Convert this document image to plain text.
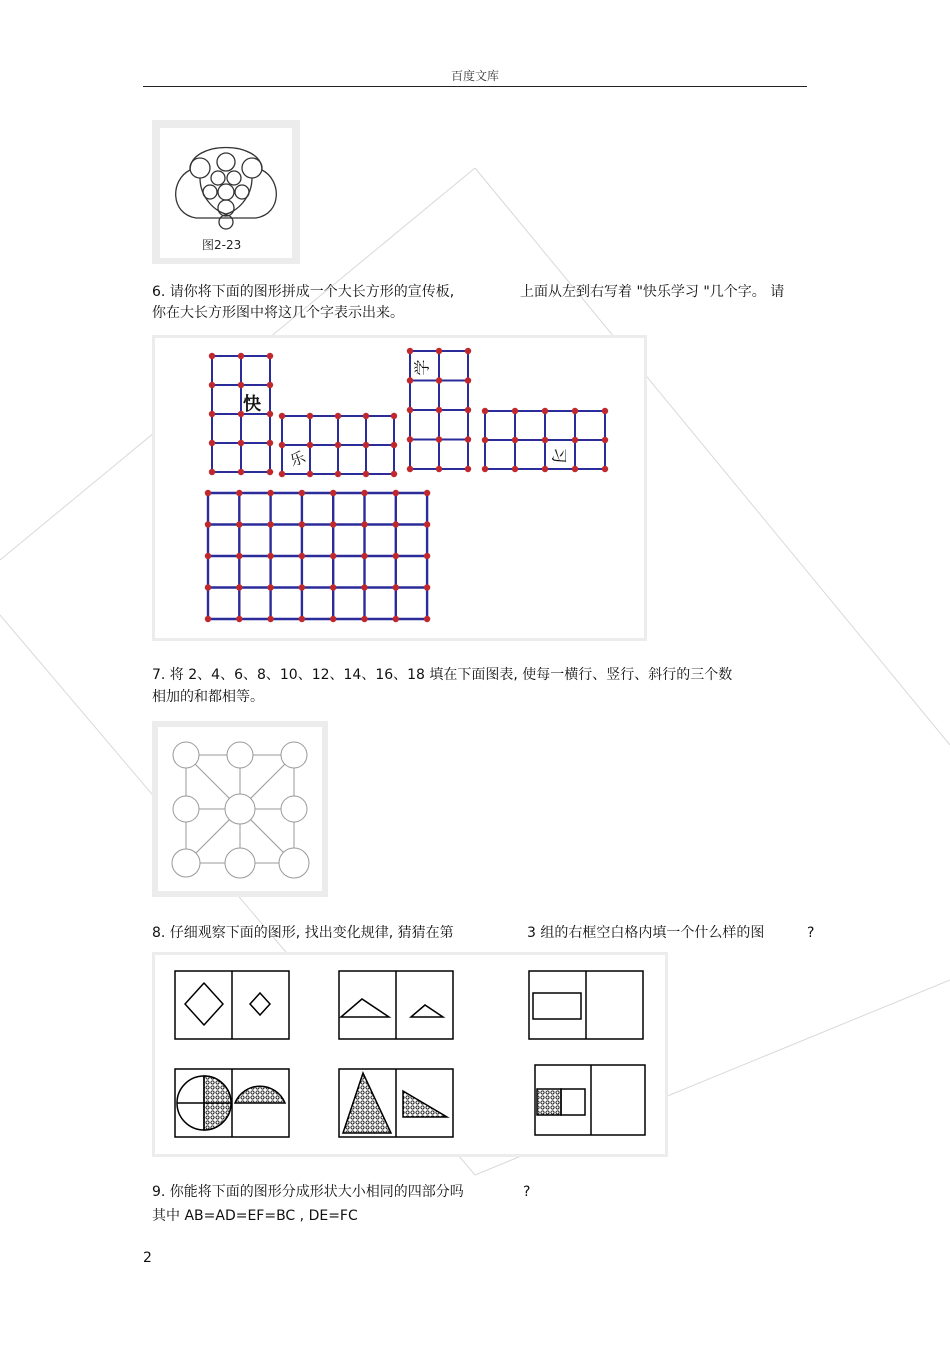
百度文库
图2-23
6. 请你将下面的图形拼成一个大长方形的宣传板,	上面从左到右写着 "快乐学习 "几个字。 请
你在大长方形图中将这几个字表示出来。
快
乐
学
习
7. 将 2、4、6、8、10、12、14、16、18 填在下面图表, 使每一横行、竖行、斜行的三个数
相加的和都相等。
8. 仔细观察下面的图形, 找出变化规律, 猜猜在第	3 组的右框空白格内填一个什么样的图	?
9. 你能将下面的图形分成形状大小相同的四部分吗	?
其中 AB=AD=EF=BC , DE=FC
2
